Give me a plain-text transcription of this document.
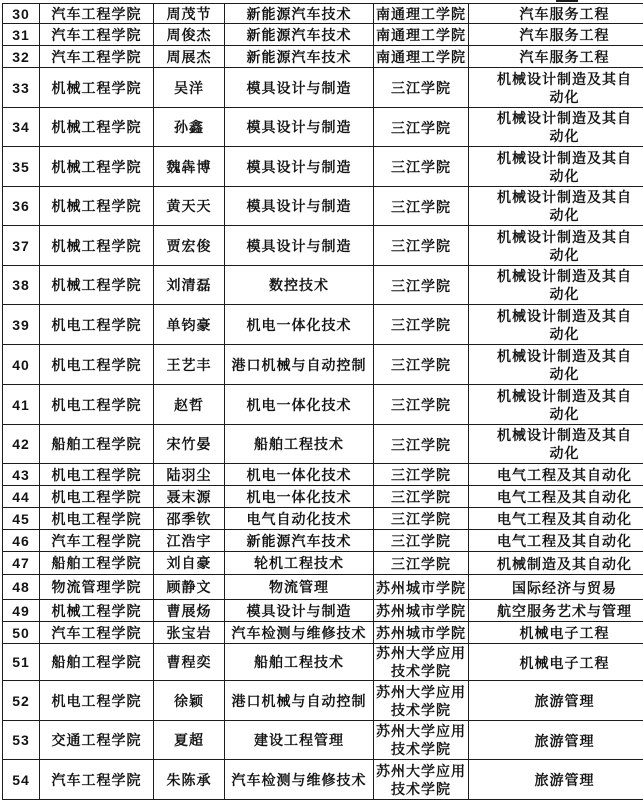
30	汽车工程学院	周茂节	新能源汽车技术	南通理工学院	汽车服务工程
31	汽车工程学院	周俊杰	新能源汽车技术	南通理工学院	汽车服务工程
32	汽车工程学院	周展杰	新能源汽车技术	南通理工学院	汽车服务工程
33	机械工程学院	吴洋	模具设计与制造	三江学院	机械设计制造及其自动化
34	机械工程学院	孙鑫	模具设计与制造	三江学院	机械设计制造及其自动化
35	机械工程学院	魏犇博	模具设计与制造	三江学院	机械设计制造及其自动化
36	机械工程学院	黄天天	模具设计与制造	三江学院	机械设计制造及其自动化
37	机械工程学院	贾宏俊	模具设计与制造	三江学院	机械设计制造及其自动化
38	机械工程学院	刘清磊	数控技术	三江学院	机械设计制造及其自动化
39	机电工程学院	单钧豪	机电一体化技术	三江学院	机械设计制造及其自动化
40	机电工程学院	王艺丰	港口机械与自动控制	三江学院	机械设计制造及其自动化
41	机电工程学院	赵哲	机电一体化技术	三江学院	机械设计制造及其自动化
42	船舶工程学院	宋竹晏	船舶工程技术	三江学院	机械设计制造及其自动化
43	机电工程学院	陆羽尘	机电一体化技术	三江学院	电气工程及其自动化
44	机电工程学院	聂末源	机电一体化技术	三江学院	电气工程及其自动化
45	机电工程学院	邵季钦	电气自动化技术	三江学院	电气工程及其自动化
46	汽车工程学院	江浩宇	新能源汽车技术	三江学院	电气工程及其自动化
47	船舶工程学院	刘自豪	轮机工程技术	三江学院	机械制造及其自动化
48	物流管理学院	顾静文	物流管理	苏州城市学院	国际经济与贸易
49	机械工程学院	曹展炀	模具设计与制造	苏州城市学院	航空服务艺术与管理
50	汽车工程学院	张宝岩	汽车检测与维修技术	苏州城市学院	机械电子工程
51	船舶工程学院	曹程奕	船舶工程技术	苏州大学应用技术学院	机械电子工程
52	机电工程学院	徐颖	港口机械与自动控制	苏州大学应用技术学院	旅游管理
53	交通工程学院	夏超	建设工程管理	苏州大学应用技术学院	旅游管理
54	汽车工程学院	朱陈承	汽车检测与维修技术	苏州大学应用技术学院	旅游管理
